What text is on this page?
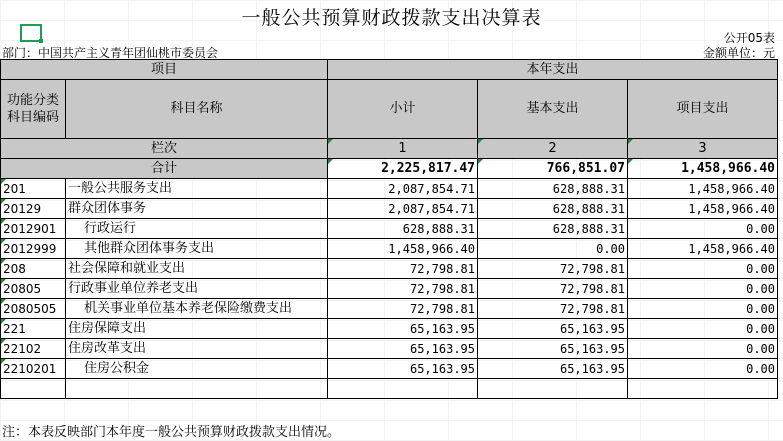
一般公共预算财政拨款支出决算表
公开05表
部门：中国共产主义青年团仙桃市委员会	金额单位：元
项目		本年支出		
功能分类
科目编码	科目名称	小计	基本支出	项目支出
栏次		1	2	3
合计		2,225,817.47	766,851.07	1,458,966.40
201	一般公共服务支出	2,087,854.71	628,888.31	1,458,966.40
20129	群众团体事务	2,087,854.71	628,888.31	1,458,966.40
2012901	行政运行	628,888.31	628,888.31	0.00
2012999	其他群众团体事务支出	1,458,966.40	0.00	1,458,966.40
208	社会保障和就业支出	72,798.81	72,798.81	0.00
20805	行政事业单位养老支出	72,798.81	72,798.81	0.00
2080505	机关事业单位基本养老保险缴费支出	72,798.81	72,798.81	0.00
221	住房保障支出	65,163.95	65,163.95	0.00
22102	住房改革支出	65,163.95	65,163.95	0.00
2210201	住房公积金	65,163.95	65,163.95	0.00

注：本表反映部门本年度一般公共预算财政拨款支出情况。
